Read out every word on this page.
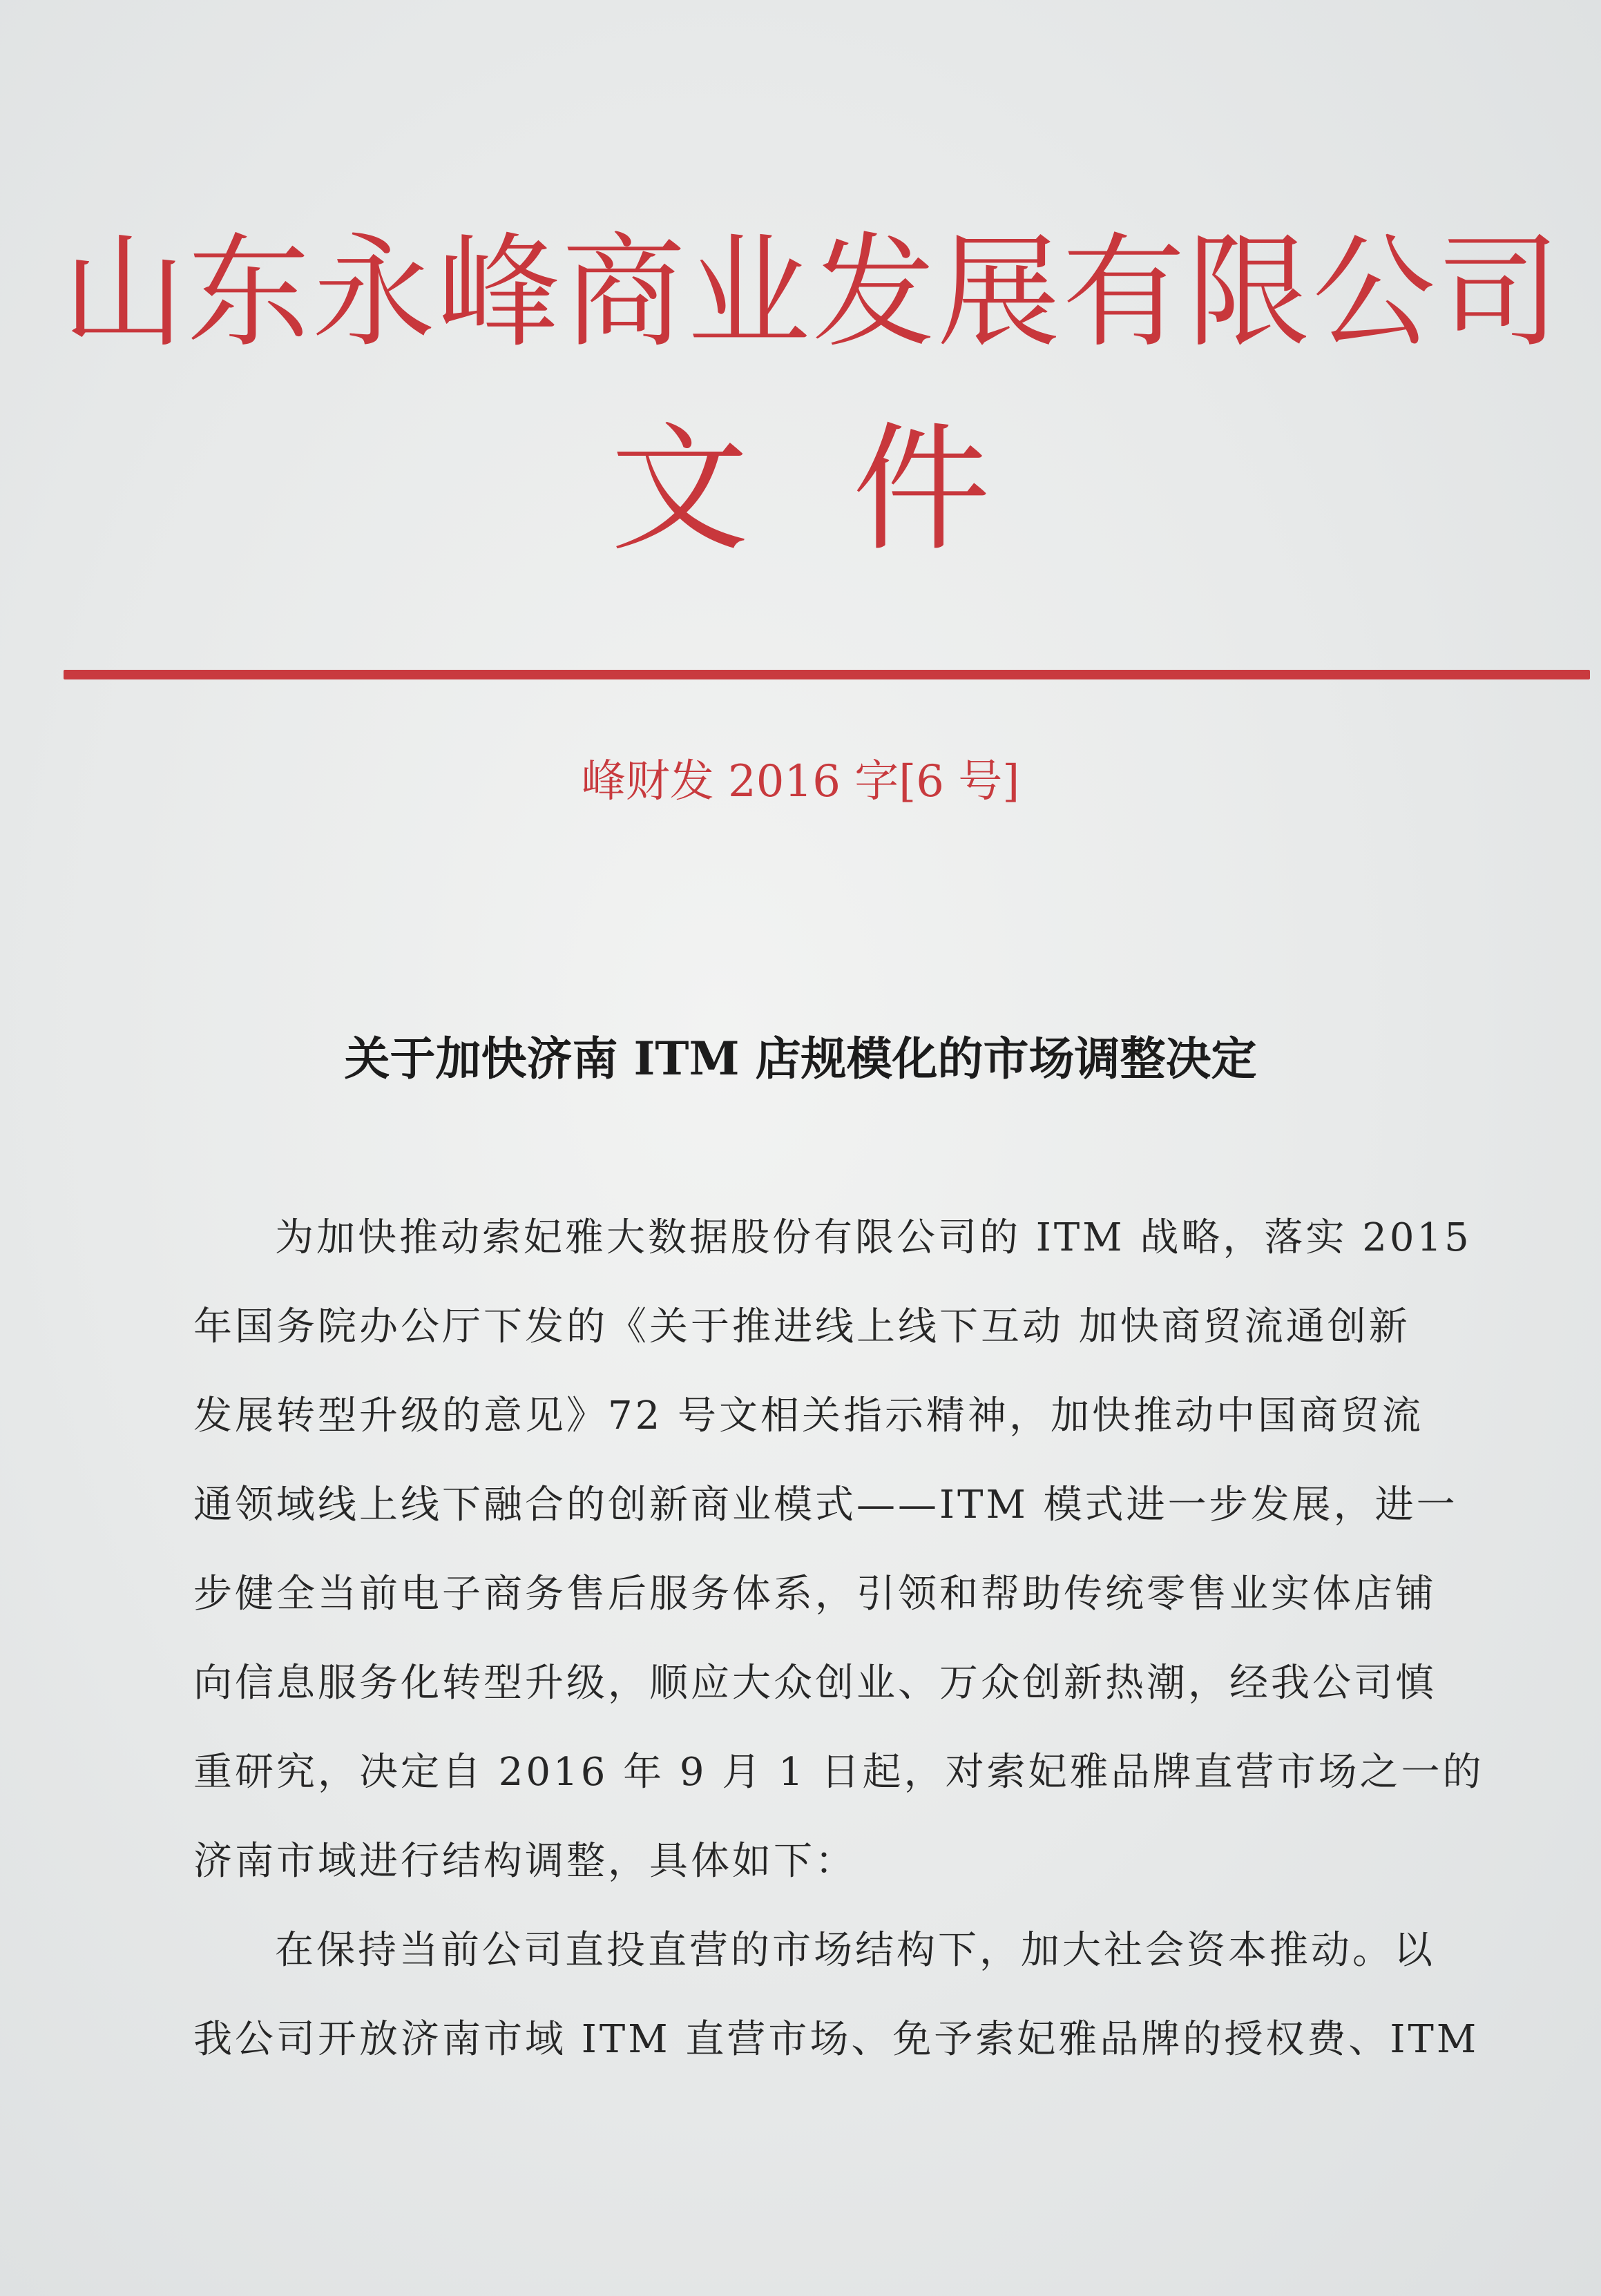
山东永峰商业发展有限公司
文件
峰财发 2016 字[6 号]
关于加快济南 ITM 店规模化的市场调整决定
为加快推动索妃雅大数据股份有限公司的 ITM 战略，落实 2015
年国务院办公厅下发的《关于推进线上线下互动 加快商贸流通创新
发展转型升级的意见》72 号文相关指示精神，加快推动中国商贸流
通领域线上线下融合的创新商业模式——ITM 模式进一步发展，进一
步健全当前电子商务售后服务体系，引领和帮助传统零售业实体店铺
向信息服务化转型升级，顺应大众创业、万众创新热潮，经我公司慎
重研究，决定自 2016 年 9 月 1 日起，对索妃雅品牌直营市场之一的
济南市域进行结构调整，具体如下：
在保持当前公司直投直营的市场结构下，加大社会资本推动。以
我公司开放济南市域 ITM 直营市场、免予索妃雅品牌的授权费、ITM
